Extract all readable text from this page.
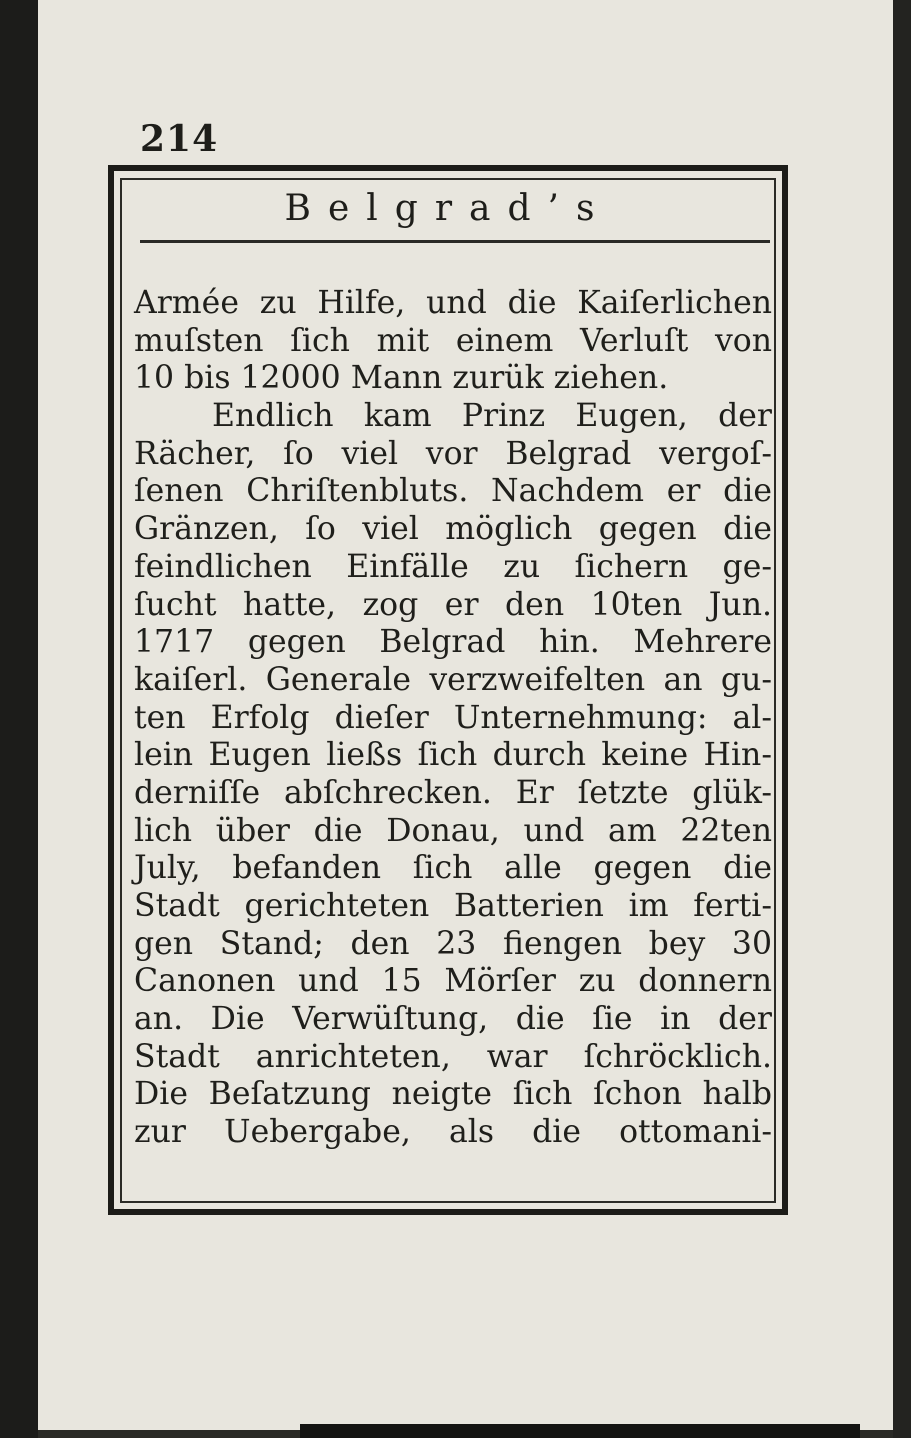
214
Belgrad’s
Armée zu Hilfe, und die Kaiſerlichen
muſsten ſich mit einem Verluſt von
10 bis 12000 Mann zurük ziehen.
Endlich kam Prinz Eugen, der
Rächer, ſo viel vor Belgrad vergoſ-
ſenen Chriſtenbluts. Nachdem er die
Gränzen, ſo viel möglich gegen die
feindlichen Einfälle zu ſichern ge-
ſucht hatte, zog er den 10ten Jun.
1717 gegen Belgrad hin. Mehrere
kaiſerl. Generale verzweifelten an gu-
ten Erfolg dieſer Unternehmung: al-
lein Eugen ließs ſich durch keine Hin-
derniſſe abſchrecken. Er ſetzte glük-
lich über die Donau, und am 22ten
July, befanden ſich alle gegen die
Stadt gerichteten Batterien im ferti-
gen Stand; den 23 fiengen bey 30
Canonen und 15 Mörſer zu donnern
an. Die Verwüſtung, die ſie in der
Stadt anrichteten, war ſchröcklich.
Die Beſatzung neigte ſich ſchon halb
zur Uebergabe, als die ottomani-
